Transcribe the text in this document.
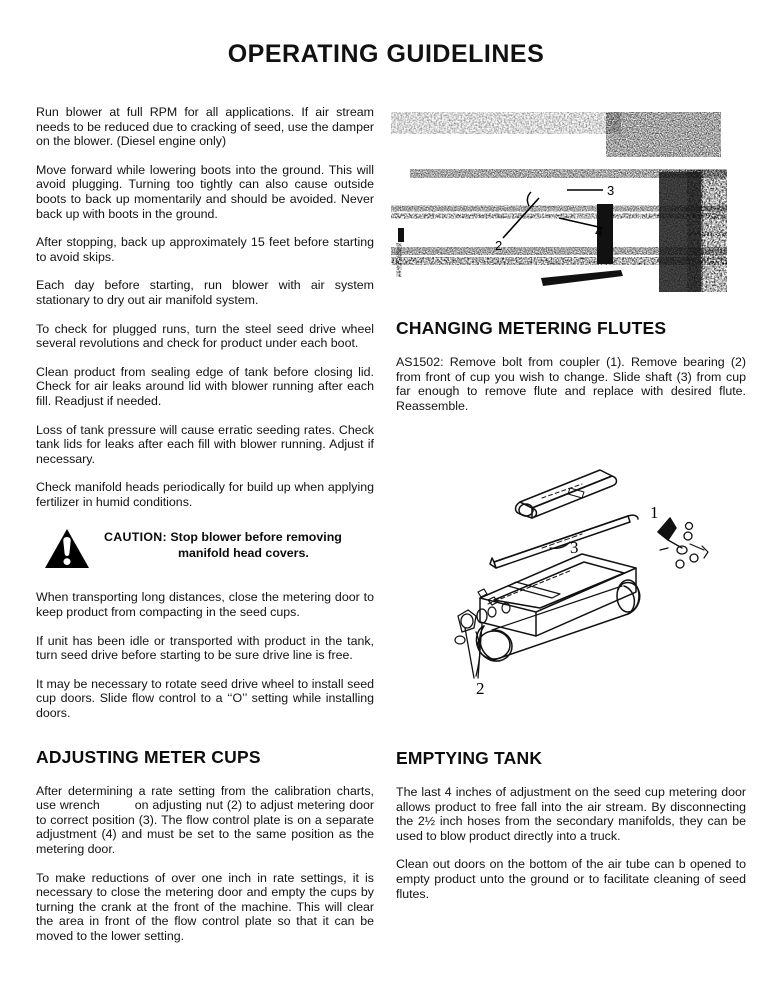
OPERATING GUIDELINES

Run blower at full RPM for all applications. If air stream needs to be reduced due to cracking of seed, use the damper on the blower. (Diesel engine only)

Move forward while lowering boots into the ground. This will avoid plugging. Turning too tightly can also cause outside boots to back up momentarily and should be avoided. Never back up with boots in the ground.

After stopping, back up approximately 15 feet before starting to avoid skips.

Each day before starting, run blower with air system stationary to dry out air manifold system.

To check for plugged runs, turn the steel seed drive wheel several revolutions and check for product under each boot.

Clean product from sealing edge of tank before closing lid. Check for air leaks around lid with blower running after each fill. Readjust if needed.

Loss of tank pressure will cause erratic seeding rates. Check tank lids for leaks after each fill with blower running. Adjust if necessary.

Check manifold heads periodically for build up when applying fertilizer in humid conditions.

CAUTION: Stop blower before removing
manifold head covers.

When transporting long distances, close the metering door to keep product from compacting in the seed cups.

If unit has been idle or transported with product in the tank, turn seed drive before starting to be sure drive line is free.

It may be necessary to rotate seed drive wheel to install seed cup doors. Slide flow control to a ‘‘O’’ setting while installing doors.

ADJUSTING METER CUPS

After determining a rate setting from the calibration charts, use wrench         on adjusting nut (2) to adjust metering door to correct position (3). The flow control plate is on a separate adjustment (4) and must be set to the same position as the metering door.

To make reductions of over one inch in rate settings, it is necessary to close the metering door and empty the cups by turning the crank at the front of the machine. This will clear the area in front of the flow control plate so that it can be moved to the lower setting.

3
2
4
CHANGING METERING FLUTES

AS1502: Remove bolt from coupler (1). Remove bearing (2) from front of cup you wish to change. Slide shaft (3) from cup far enough to remove flute and replace with desired flute. Reassemble.

3
2
1
EMPTYING TANK

The last 4 inches of adjustment on the seed cup metering door allows product to free fall into the air stream. By disconnecting the 2½ inch hoses from the secondary manifolds, they can be used to blow product directly into a truck.

Clean out doors on the bottom of the air tube can b opened to empty product unto the ground or to facilitate cleaning of seed flutes.
